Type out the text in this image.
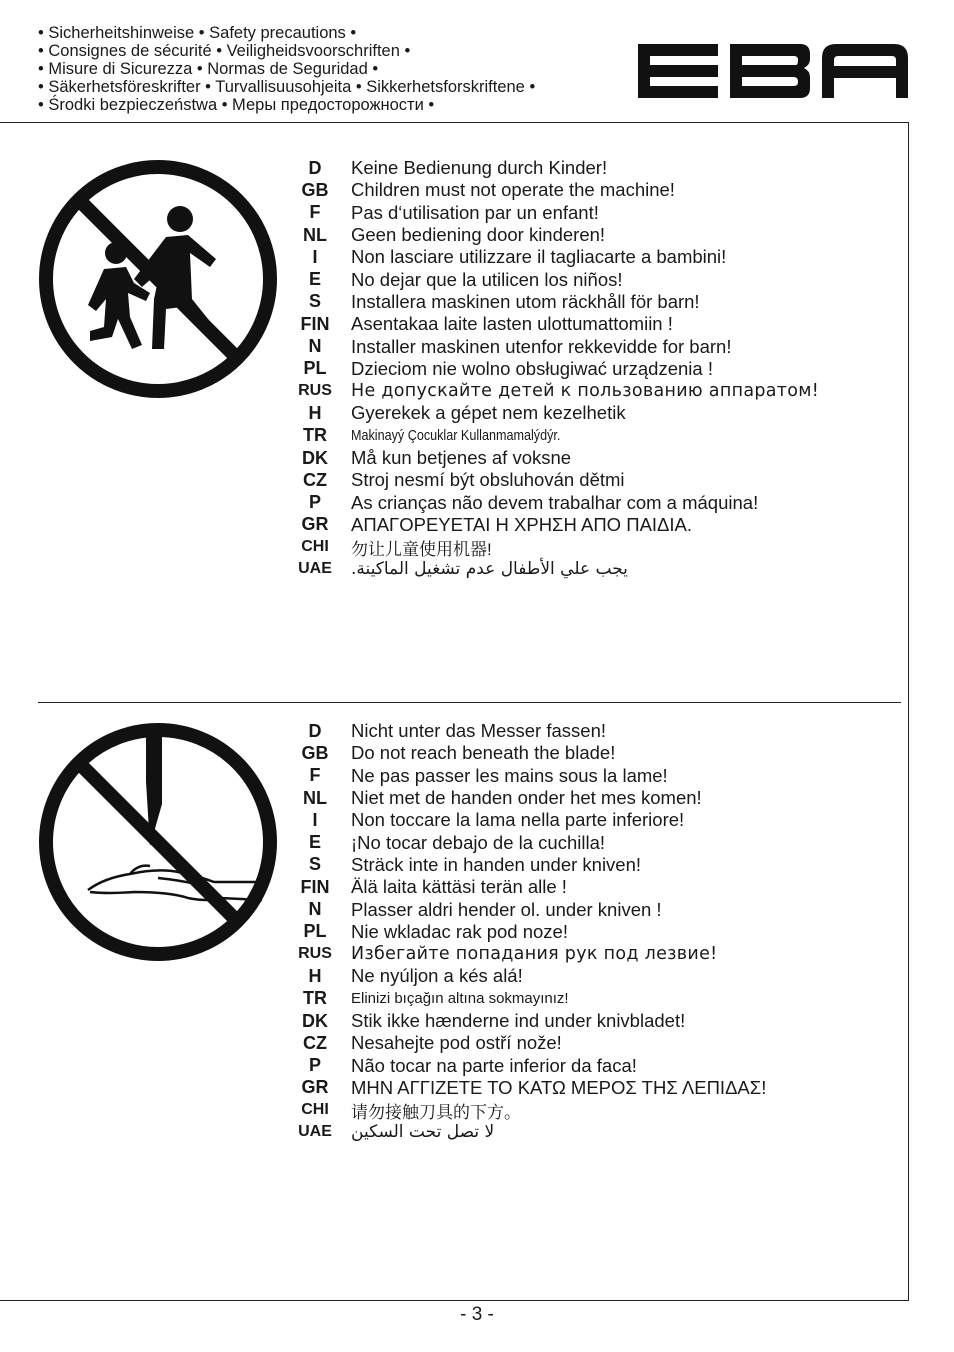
• Sicherheitshinweise • Safety precautions •
• Consignes de sécurité • Veiligheidsvoorschriften •
• Misure di Sicurezza • Normas de Seguridad •
• Säkerhetsföreskrifter • Turvallisuusohjeita • Sikkerhetsforskriftene •
• Środki bezpieczeństwa • Меры предосторожности •
D	Keine Bedienung durch Kinder!
GB	Children must not operate the machine!
F	Pas d‘utilisation par un enfant!
NL	Geen bediening door kinderen!
I	Non lasciare utilizzare il tagliacarte a bambini!
E	No dejar que la utilicen los niños!
S	Installera maskinen utom räckhåll för barn!
FIN	Asentakaa laite lasten ulottumattomiin !
N	Installer maskinen utenfor rekkevidde for barn!
PL	Dzieciom nie wolno obsługiwać urządzenia !
RUS	Не допускайте детей к пользованию аппаратом!
H	Gyerekek a gépet nem kezelhetik
TR	Makinayý Çocuklar Kullanmamalýdýr.
DK	Må kun betjenes af voksne
CZ	Stroj nesmí být obsluhován dětmi
P	As crianças não devem trabalhar com a máquina!
GR	ΑΠΑΓΟΡΕΥΕΤΑΙ Η ΧΡΗΣΗ ΑΠΟ ΠΑΙΔΙΑ.
CHI	勿让儿童使用机器!
UAE	يجب علي الأطفال عدم تشغيل الماكينة.
D	Nicht unter das Messer fassen!
GB	Do not reach beneath the blade!
F	Ne pas passer les mains sous la lame!
NL	Niet met de handen onder het mes komen!
I	Non toccare la lama nella parte inferiore!
E	¡No tocar debajo de la cuchilla!
S	Sträck inte in handen under kniven!
FIN	Älä laita kättäsi terän alle !
N	Plasser aldri hender ol. under kniven !
PL	Nie wkladac rak pod noze!
RUS	Избегайте попадания рук под лезвие!
H	Ne nyúljon a kés alá!
TR	Elinizi bıçağın altına sokmayınız!
DK	Stik ikke hænderne ind under knivbladet!
CZ	Nesahejte pod ostří nože!
P	Não tocar na parte inferior da faca!
GR	ΜΗΝ ΑΓΓΙΖΕΤΕ ΤΟ ΚΑΤΩ ΜΕΡΟΣ ΤΗΣ ΛΕΠΙΔΑΣ!
CHI	请勿接触刀具的下方。
UAE	لا تصل تحت السكين
- 3 -
